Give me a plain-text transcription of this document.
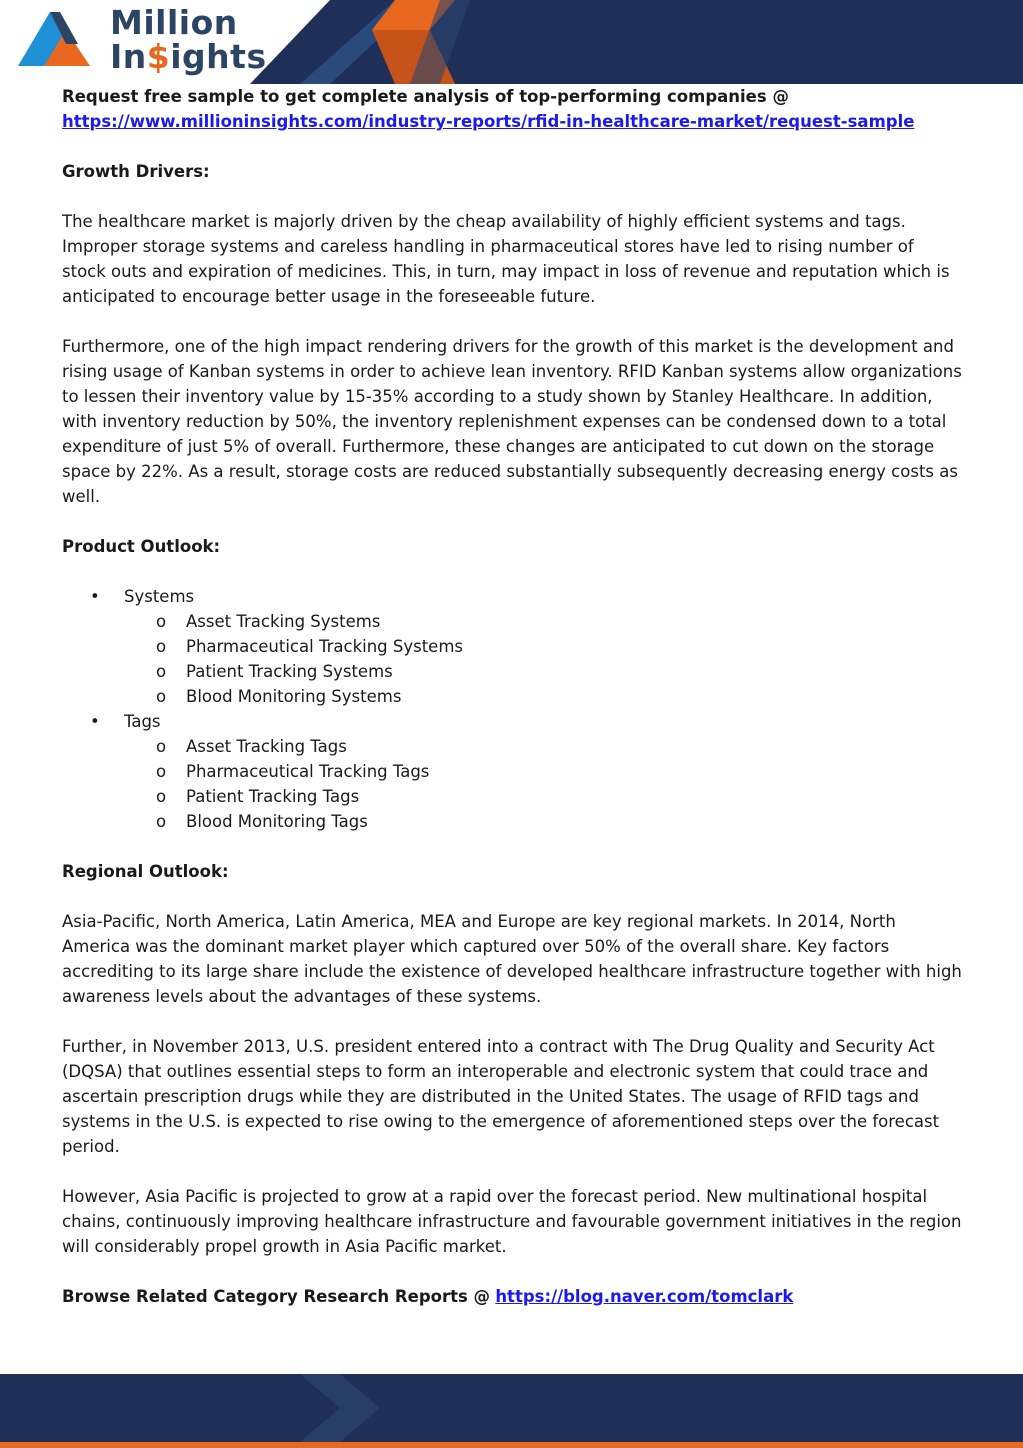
Million
In$ights

Request free sample to get complete analysis of top-performing companies @
https://www.millioninsights.com/industry-reports/rfid-in-healthcare-market/request-sample

Growth Drivers:

The healthcare market is majorly driven by the cheap availability of highly efficient systems and tags. Improper storage systems and careless handling in pharmaceutical stores have led to rising number of stock outs and expiration of medicines. This, in turn, may impact in loss of revenue and reputation which is anticipated to encourage better usage in the foreseeable future.

Furthermore, one of the high impact rendering drivers for the growth of this market is the development and rising usage of Kanban systems in order to achieve lean inventory. RFID Kanban systems allow organizations to lessen their inventory value by 15-35% according to a study shown by Stanley Healthcare. In addition, with inventory reduction by 50%, the inventory replenishment expenses can be condensed down to a total expenditure of just 5% of overall. Furthermore, these changes are anticipated to cut down on the storage space by 22%. As a result, storage costs are reduced substantially subsequently decreasing energy costs as well.

Product Outlook:

• Systems
o Asset Tracking Systems
o Pharmaceutical Tracking Systems
o Patient Tracking Systems
o Blood Monitoring Systems
• Tags
o Asset Tracking Tags
o Pharmaceutical Tracking Tags
o Patient Tracking Tags
o Blood Monitoring Tags

Regional Outlook:

Asia-Pacific, North America, Latin America, MEA and Europe are key regional markets. In 2014, North America was the dominant market player which captured over 50% of the overall share. Key factors accrediting to its large share include the existence of developed healthcare infrastructure together with high awareness levels about the advantages of these systems.

Further, in November 2013, U.S. president entered into a contract with The Drug Quality and Security Act (DQSA) that outlines essential steps to form an interoperable and electronic system that could trace and ascertain prescription drugs while they are distributed in the United States. The usage of RFID tags and systems in the U.S. is expected to rise owing to the emergence of aforementioned steps over the forecast period.

However, Asia Pacific is projected to grow at a rapid over the forecast period. New multinational hospital chains, continuously improving healthcare infrastructure and favourable government initiatives in the region will considerably propel growth in Asia Pacific market.

Browse Related Category Research Reports @ https://blog.naver.com/tomclark
